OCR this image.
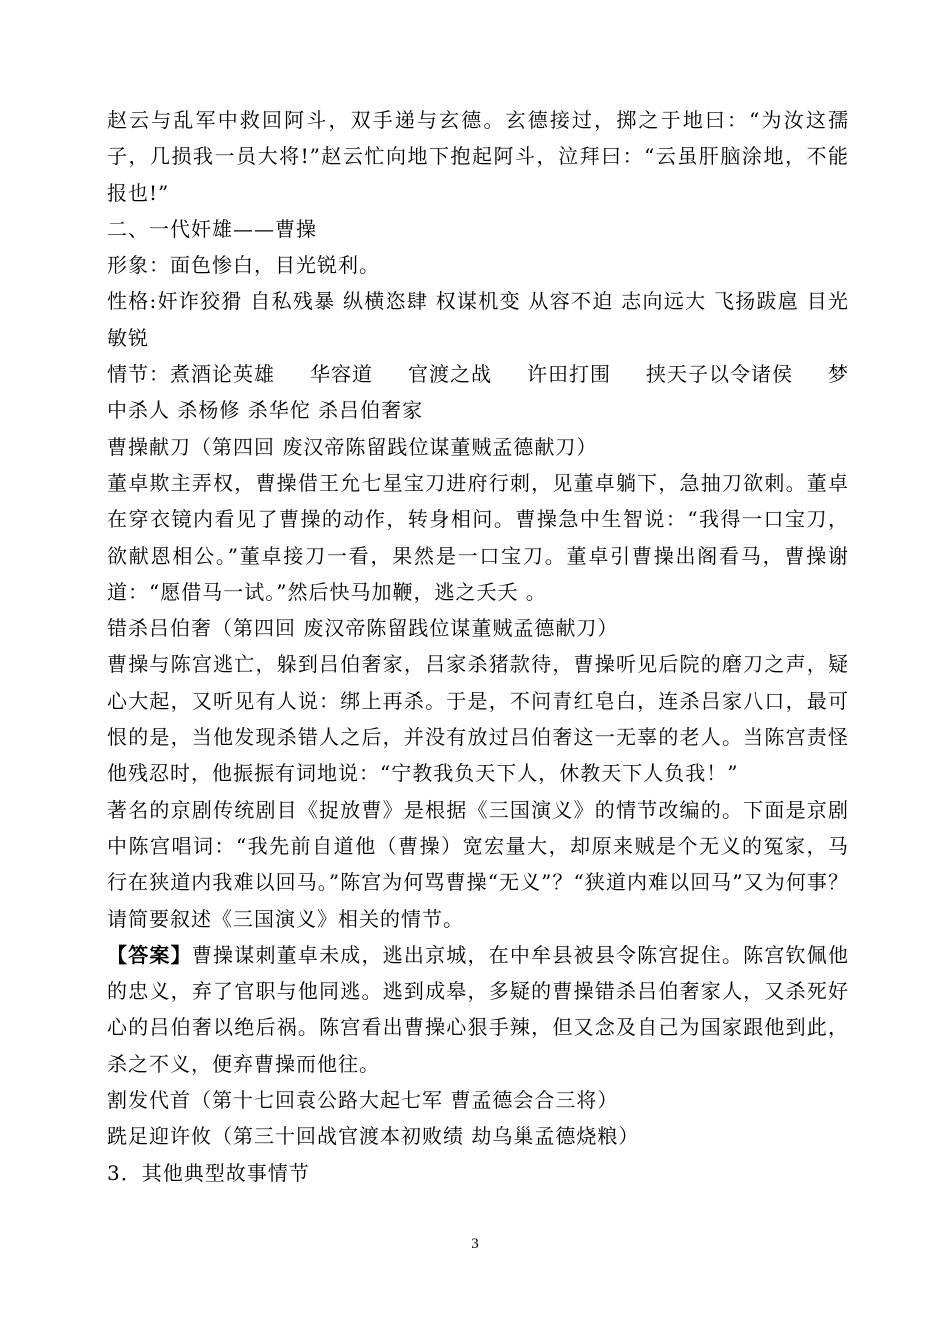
赵云与乱军中救回阿斗，双手递与玄德。玄德接过，掷之于地曰：“为汝这孺子，几损我一员大将!”赵云忙向地下抱起阿斗，泣拜曰：“云虽肝脑涂地，不能报也!”

二、一代奸雄——曹操

形象：面色惨白，目光锐利。

性格:奸诈狡猾 自私残暴 纵横恣肆 权谋机变 从容不迫 志向远大 飞扬跋扈 目光敏锐

情节：煮酒论英雄 华容道 官渡之战 许田打围 挟天子以令诸侯 梦

中杀人 杀杨修 杀华佗 杀吕伯奢家

曹操献刀（第四回 废汉帝陈留践位谋董贼孟德献刀）

董卓欺主弄权，曹操借王允七星宝刀进府行刺，见董卓躺下，急抽刀欲刺。董卓在穿衣镜内看见了曹操的动作，转身相问。曹操急中生智说：“我得一口宝刀，欲献恩相公。”董卓接刀一看，果然是一口宝刀。董卓引曹操出阁看马，曹操谢道：“愿借马一试。”然后快马加鞭，逃之夭夭 。

错杀吕伯奢（第四回 废汉帝陈留践位谋董贼孟德献刀）

曹操与陈宫逃亡，躲到吕伯奢家，吕家杀猪款待，曹操听见后院的磨刀之声，疑心大起，又听见有人说：绑上再杀。于是，不问青红皂白，连杀吕家八口，最可恨的是，当他发现杀错人之后，并没有放过吕伯奢这一无辜的老人。当陈宫责怪他残忍时，他振振有词地说：“宁教我负天下人，休教天下人负我！”

著名的京剧传统剧目《捉放曹》是根据《三国演义》的情节改编的。下面是京剧中陈宫唱词：“我先前自道他（曹操）宽宏量大，却原来贼是个无义的冤家，马行在狭道内我难以回马。”陈宫为何骂曹操“无义”？“狭道内难以回马”又为何事？请简要叙述《三国演义》相关的情节。

【答案】曹操谋刺董卓未成，逃出京城，在中牟县被县令陈宫捉住。陈宫钦佩他的忠义，弃了官职与他同逃。逃到成皋，多疑的曹操错杀吕伯奢家人，又杀死好心的吕伯奢以绝后祸。陈宫看出曹操心狠手辣，但又念及自己为国家跟他到此，杀之不义，便弃曹操而他往。

割发代首（第十七回袁公路大起七军 曹孟德会合三将）

跣足迎许攸（第三十回战官渡本初败绩 劫乌巢孟德烧粮）

3．其他典型故事情节

3
